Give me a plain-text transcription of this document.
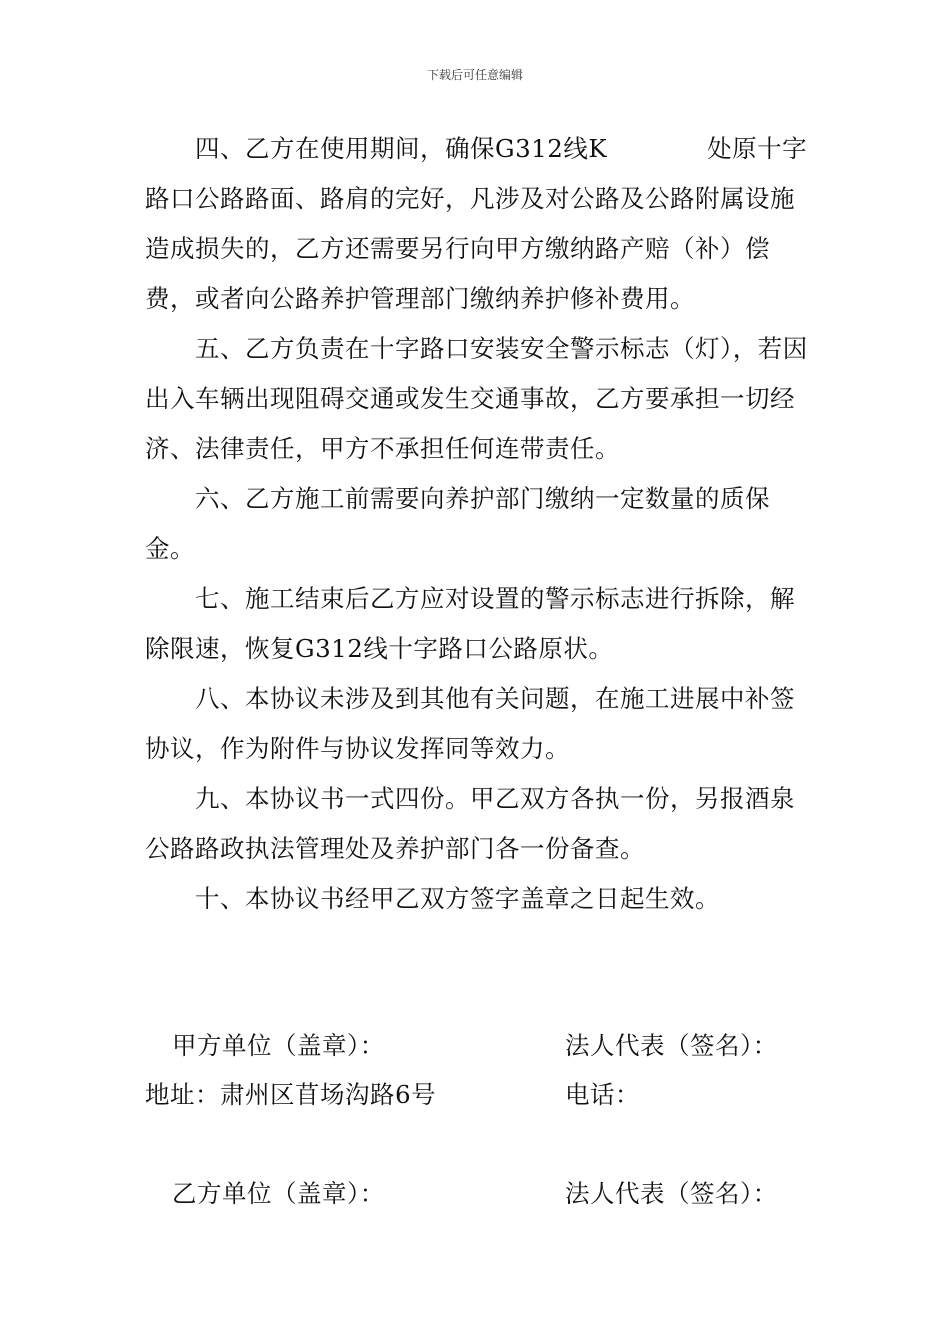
下载后可任意编辑
四、乙方在使用期间，确保G312线K　　　　处原十字路口公路路面、路肩的完好，凡涉及对公路及公路附属设施造成损失的，乙方还需要另行向甲方缴纳路产赔（补）偿费，或者向公路养护管理部门缴纳养护修补费用。
五、乙方负责在十字路口安装安全警示标志（灯），若因出入车辆出现阻碍交通或发生交通事故，乙方要承担一切经济、法律责任，甲方不承担任何连带责任。
六、乙方施工前需要向养护部门缴纳一定数量的质保金。
七、施工结束后乙方应对设置的警示标志进行拆除，解除限速，恢复G312线十字路口公路原状。
八、本协议未涉及到其他有关问题，在施工进展中补签协议，作为附件与协议发挥同等效力。
九、本协议书一式四份。甲乙双方各执一份，另报酒泉公路路政执法管理处及养护部门各一份备查。
十、本协议书经甲乙双方签字盖章之日起生效。
甲方单位（盖章）：	法人代表（签名）：
地址：肃州区苜场沟路6号	电话：
乙方单位（盖章）：	法人代表（签名）：
